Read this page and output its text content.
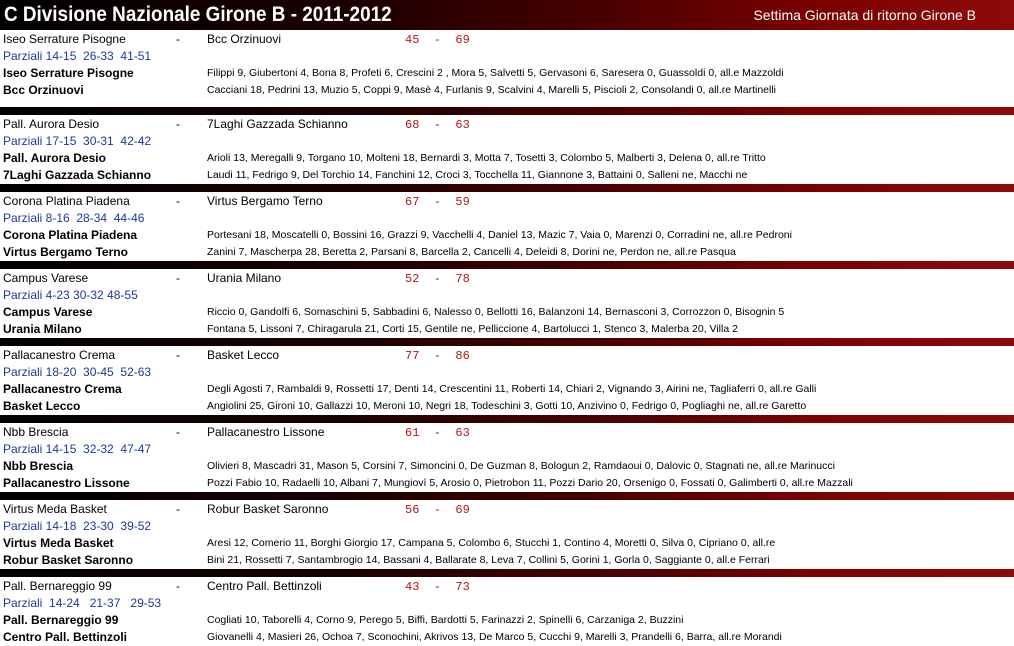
C Divisione Nazionale Girone B - 2011-2012	Settima Giornata di ritorno Girone B
Iseo Serrature Pisogne	- Bcc Orzinuovi	45  -  69
Parziali 14-15  26-33  41-51
Iseo Serrature Pisogne	Filippi 9, Giubertoni 4, Bona 8, Profeti 6, Crescini 2 , Mora 5, Salvetti 5, Gervasoni 6, Saresera 0, Guassoldi 0, all.e Mazzoldi
Bcc Orzinuovi	Cacciani 18, Pedrini 13, Muzio 5, Coppi 9, Masè 4, Furlanis 9, Scalvini 4, Marelli 5, Piscioli 2, Consolandi 0, all.re Martinelli
Pall. Aurora Desio	- 7Laghi Gazzada Schianno	68  -  63
Parziali 17-15  30-31  42-42
Pall. Aurora Desio	Arioli 13, Meregalli 9, Torgano 10, Molteni 18, Bernardi 3, Motta 7, Tosetti 3, Colombo 5, Malberti 3, Delena 0, all.re Tritto
7Laghi Gazzada Schianno	Laudi 11, Fedrigo 9, Del Torchio 14, Fanchini 12, Croci 3, Tocchella 11, Giannone 3, Battaini 0, Salleni ne, Macchi ne
Corona Platina Piadena	- Virtus Bergamo Terno	67  -  59
Parziali 8-16  28-34  44-46
Corona Platina Piadena	Portesani 18, Moscatelli 0, Bossini 16, Grazzi 9, Vacchelli 4, Daniel 13, Mazic 7, Vaia 0, Marenzi 0, Corradini ne, all.re Pedroni
Virtus Bergamo Terno	Zanini 7, Mascherpa 28, Beretta 2, Parsani 8, Barcella 2, Cancelli 4, Deleidi 8, Dorini ne, Perdon ne, all.re Pasqua
Campus Varese	- Urania Milano	52  -  78
Parziali 4-23 30-32 48-55
Campus Varese	Riccio 0, Gandolfi 6, Somaschini 5, Sabbadini 6, Nalesso 0, Bellotti 16, Balanzoni 14, Bernasconi 3, Corrozzon 0, Bisognin 5
Urania Milano	Fontana 5, Lissoni 7, Chiragarula 21, Corti 15, Gentile ne, Pelliccione 4, Bartolucci 1, Stenco 3, Malerba 20, Villa 2
Pallacanestro Crema	- Basket Lecco	77  -  86
Parziali 18-20  30-45  52-63
Pallacanestro Crema	Degli Agosti 7, Rambaldi 9, Rossetti 17, Denti 14, Crescentini 11, Roberti 14, Chiari 2, Vignando 3, Airini ne, Tagliaferri 0, all.re Galli
Basket Lecco	Angiolini 25, Gironi 10, Gallazzi 10, Meroni 10, Negri 18, Todeschini 3, Gotti 10, Anzivino 0, Fedrigo 0, Pogliaghi ne, all.re Garetto
Nbb Brescia	- Pallacanestro Lissone	61  -  63
Parziali 14-15  32-32  47-47
Nbb Brescia	Olivieri 8, Mascadri 31, Mason 5, Corsini 7, Simoncini 0, De Guzman 8, Bologun 2, Ramdaoui 0, Dalovic 0, Stagnati ne, all.re Marinucci
Pallacanestro Lissone	Pozzi Fabio 10, Radaelli 10, Albani 7, Mungiovì 5, Arosio 0, Pietrobon 11, Pozzi Dario 20, Orsenigo 0, Fossati 0, Galimberti 0, all.re Mazzali
Virtus Meda Basket	- Robur Basket Saronno	56  -  69
Parziali 14-18  23-30  39-52
Virtus Meda Basket	Aresi 12, Comerio 11, Borghi Giorgio 17, Campana 5, Colombo 6, Stucchi 1, Contino 4, Moretti 0, Silva 0, Cipriano 0, all.re
Robur Basket Saronno	Bini 21, Rossetti 7, Santambrogio 14, Bassani 4, Ballarate 8, Leva 7, Collini 5, Gorini 1, Gorla 0, Saggiante 0, all.e Ferrari
Pall. Bernareggio 99	- Centro Pall. Bettinzoli	43  -  73
Parziali  14-24   21-37   29-53
Pall. Bernareggio 99	Cogliati 10, Taborelli 4, Corno 9, Perego 5, Biffi, Bardotti 5, Farinazzi 2, Spinelli 6, Carzaniga 2, Buzzini
Centro Pall. Bettinzoli	Giovanelli 4, Masieri 26, Ochoa 7, Sconochini, Akrivos 13, De Marco 5, Cucchi 9, Marelli 3, Prandelli 6, Barra, all.re Morandi
